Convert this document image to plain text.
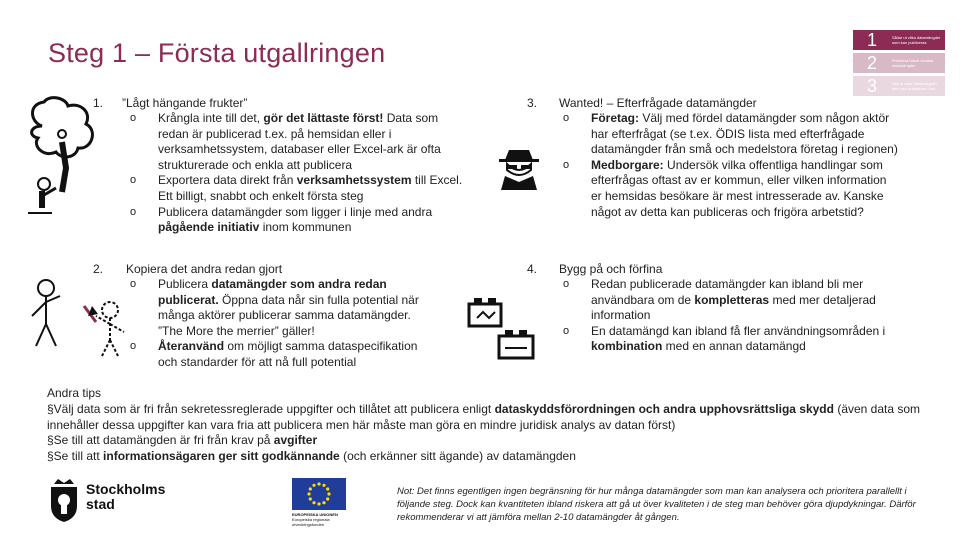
Steg 1 – Första utgallringen	1	Sållar ut vilka datamängder som kan publiceras
2	Prioritera bland utvalda datamängder
3	Välj ut vilka datamängder som ska publiceras först
1. ”Lågt hängande frukter”
o Krångla inte till det, gör det lättaste först! Data som redan är publicerad t.ex. på hemsidan eller i verksamhetssystem, databaser eller Excel-ark är ofta strukturerade och enkla att publicera
o Exportera data direkt från verksamhetssystem till Excel. Ett billigt, snabbt och enkelt första steg
o Publicera datamängder som ligger i linje med andra pågående initiativ inom kommunen
2. Kopiera det andra redan gjort
o Publicera datamängder som andra redan publicerat. Öppna data når sin fulla potential när många aktörer publicerar samma datamängder. ”The More the merrier” gäller!
o Återanvänd om möjligt samma dataspecifikation och standarder för att nå full potential
3. Wanted! – Efterfrågade datamängder
o Företag: Välj med fördel datamängder som någon aktör har efterfrågat (se t.ex. ÖDIS lista med efterfrågade datamängder från små och medelstora företag i regionen)
o Medborgare: Undersök vilka offentliga handlingar som efterfrågas oftast av er kommun, eller vilken information er hemsidas besökare är mest intresserade av. Kanske något av detta kan publiceras och frigöra arbetstid?
4. Bygg på och förfina
o Redan publicerade datamängder kan ibland bli mer användbara om de kompletteras med mer detaljerad information
o En datamängd kan ibland få fler användningsområden i kombination med en annan datamängd
Andra tips
§Välj data som är fri från sekretessreglerade uppgifter och tillåtet att publicera enligt dataskyddsförordningen och andra upphovsrättsliga skydd (även data som innehåller dessa uppgifter kan vara fria att publicera men här måste man göra en mindre juridisk analys av datan först)
§Se till att datamängden är fri från krav på avgifter
§Se till att informationsägaren ger sitt godkännande (och erkänner sitt ägande) av datamängden
Stockholms
stad
EUROPEISKA UNIONEN
Europeiska regionala utvecklingsfonden
Not: Det finns egentligen ingen begränsning för hur många datamängder som man kan analysera och prioritera parallellt i följande steg. Dock kan kvantiteten ibland riskera att gå ut över kvaliteten i de steg man behöver göra djupdykningar. Därför rekommenderar vi att jämföra mellan 2-10 datamängder åt gången.
